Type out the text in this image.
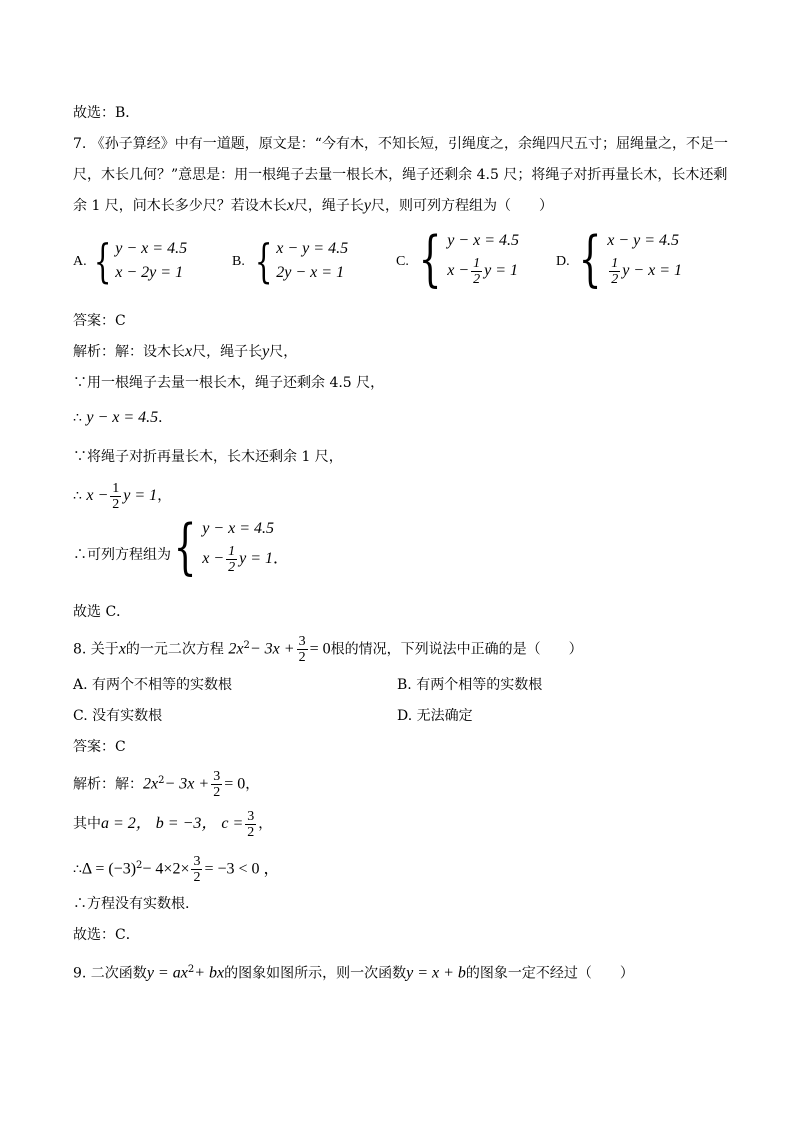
故选：B．
7. 《孙子算经》中有一道题，原文是：“今有木，不知长短，引绳度之，余绳四尺五寸；屈绳量之，不足一
尺，木长几何？”意思是：用一根绳子去量一根长木，绳子还剩余 4.5 尺；将绳子对折再量长木，长木还剩
余 1 尺，问木长多少尺？若设木长x尺，绳子长y尺，则可列方程组为（　　）
A. { y − x = 4.5
x − 2y = 1
B. { x − y = 4.5
2y − x = 1
C. { y − x = 4.5
$x - \frac{1}{2}$ y = 1
D. { x − y = 4.5
$\frac{1}{2}$ y − x = 1
答案：C
解析：解：设木长x尺，绳子长y尺，
∵用一根绳子去量一根长木，绳子还剩余 4.5 尺，
∴ y − x = 4.5．
∵将绳子对折再量长木，长木还剩余 1 尺，
∴ $x - \frac{1}{2}$ y = 1，
∴可列方程组为 { y − x = 4.5
$x - \frac{1}{2}$ y = 1．
故选 C．
8. 关于x的一元二次方程 $2x^2- 3x + \frac{3}{2} = 0$根的情况，下列说法中正确的是（　　）
A. 有两个不相等的实数根	B. 有两个相等的实数根
C. 没有实数根	D. 无法确定
答案：C
解析：解：$2x^2- 3x + \frac{3}{2} = 0$，
其中a = 2， b = −3， $c = \frac{3}{2}$ ，
∴Δ = $(-3)^2- 4\times 2\times \frac{3}{2} = -3 < 0$ ，
∴方程没有实数根.
故选：C．
9. 二次函数$y = ax^2+$ bx的图象如图所示，则一次函数y = x + b的图象一定不经过（　　）
